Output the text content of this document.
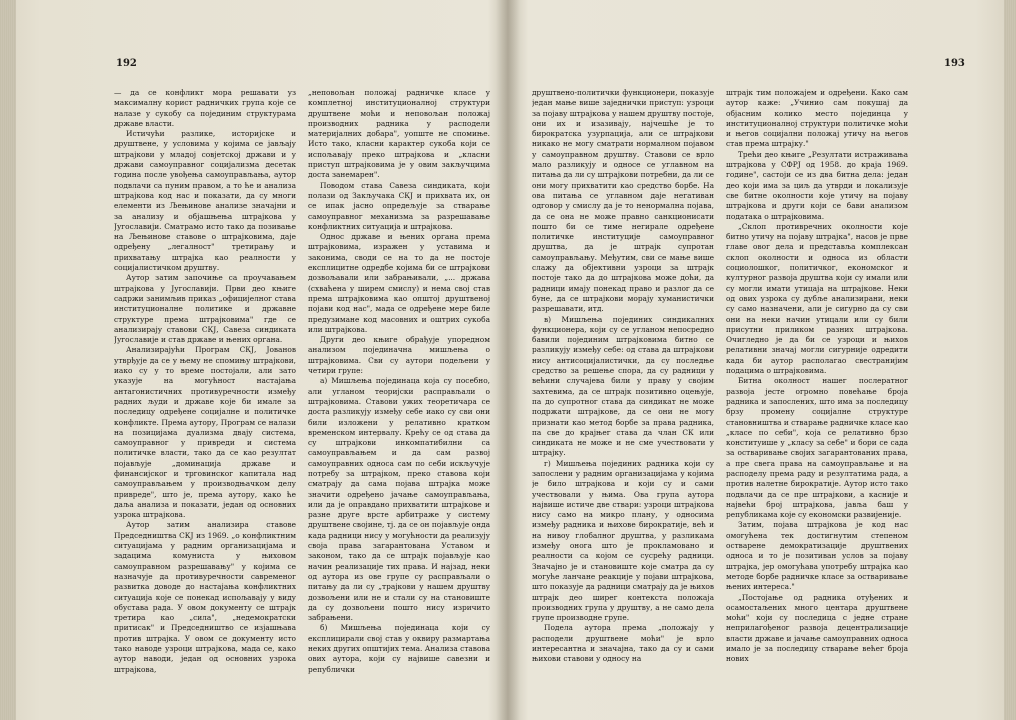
192

— да се конфликт мора решавати уз максималну корист радничких група које се налазе у сукобу са појединим структурама државе власти.

Истичући разлике, историјске и друштвене, у условима у којима се јављају штрајкови у младој совјетској држави и у држави самоуправног социјализма десетак година после увођења самоуправљања, аутор подвлачи са пуним правом, а то ће и анализа штрајкова код нас и показати, да су многи елементи из Љењинове анализе значајни и за анализу и објашњења штрајкова у Југославији. Сматрамо исто тако да позивање на Љењинове ставове о штрајковима, даје одређену „легалност" третирању и прихватању штрајка као реалности у социјалистичком друштву.

Аутор затим започиње са проучавањем штрајкова у Југославији. Први део књиге садржи занимљив приказ „официјелног става институционалне политике и државне структуре према штрајковима" где се анализирају ставови СКЈ, Савеза синдиката Југославије и став државе и њених органа.

Анализирајући Програм СКЈ, Јованов утврђује да се у њему не спомињу штрајкови, иако су у то време постојали, али зато указује на могућност настајања антагонистичних противуречности између радних људи и државе које би имале за последицу одређене социјалне и политичке конфликте. Према аутору, Програм се налази на позицијама дуализма двају система, самоуправног у привреди и система политичке власти, тако да се као резултат појављује „доминација државе и финансијског и трговинског капитала над самоуправљањем у производњачком делу привреде", што је, према аутору, како ће даља анализа и показати, један од основних узрока штрајкова.

Аутор затим анализира ставове Председништва СКЈ из 1969. „о конфликтним ситуацијама у радним организацијама и задацима комуниста у њиховом самоуправном разрешавању" у којима се назначује да противуречности савременог развитка доводе до настајања конфликтних ситуација које се понекад испољавају у виду обустава рада. У овом документу се штрајк третира као „сила", „недемократски притисак" и Председништво се изјашњава против штрајка. У овом се документу исто тако наводе узроци штрајкова, мада се, како аутор наводи, један од основних узрока штрајкова,

„неповољан положај радничке класе у комплетној институционалној структури друштвене моћи и неповољан положај производних радника у расподели материјалних добара", уопште не спомиње. Исто тако, класни карактер сукоба који се испољавају преко штрајкова и „класни приступ штрајковима је у овим закључцима доста занемарен".

Поводом става Савеза синдиката, који полази од Закључака СКЈ и прихвата их, он се ипак јасно опредељује за стварање самоуправног механизма за разрешавање конфликтних ситуација и штрајкова.

Однос државе и њених органа према штрајковима, изражен у уставима и законима, своди се на то да не постоје експлицитне одредбе којима би се штрајкови дозвољавали или забрањивали, „... држава (схваћена у ширем смислу) и нема свој став према штрајковима као општој друштвеној појави код нас", мада се одређене мере биле предузимане код масовних и оштрих сукоба или штрајкова.

Други део књиге обрађује упоредном анализом појединачна мишљења о штрајковима. Сви су аутори подељени у четири групе:

а) Мишљења појединаца која су посебно, али угланом теоријски расправљали о штрајковима. Ставови ужих теоретичара се доста разликују између себе иако су сви они били изложени у релативно кратком временском интервалу. Крећу се од става да су штрајкови инкомпатибилни са самоуправљањем и да сам развој самоуправних односа сам по себи искључује потребу за штрајком, преко ставова који сматрају да сама појава штрајка може значити одређено јачање самоуправљања, или да је оправдано прихватити штрајкове и разне друге врсте арбитраже у систему друштвене својине, тј. да се он појављује онда када радници нису у могућности да реализују своја права загарантована Уставом и законом, тако да се штрајк појављује као начин реализације тих права. И најзад, неки од аутора из ове групе су расправљали о питању да ли су „трајкови у нашем друштву дозвољени или не и стали су на становиште да су дозвољени пошто нису изричито забрањени.

б) Мишљења појединаца који су експлицирали свој став у оквиру размартања неких других општијих тема. Анализа ставова ових аутора, који су највише савезни и републички

193

друштвено-политички функционери, показује један мање више заједнички приступ: узроци за појаву штрајкова у нашем друштву постоје, они их и изазивају, најчешће је то бирократска узурпација, али се штрајкови никако не могу сматрати нормалном појавом у самоуправном друштву. Ставови се врло мало разликују и односе се углавном на питања да ли су штрајкови потребни, да ли се они могу прихватити као средство борбе. На ова питања се углавном даје негативан одговор у смислу да је то ненормална појава, да се она не може правно санкционисати пошто би се тиме негирале одређене политичке институције самоуправног друштва, да је штрајк супротан самоуправљању. Међутим, сви се мање више слажу да објективни узроци за штрајк постоје тако да до штрајкова може доћи, да радници имају понекад право и разлог да се буне, да се штрајкови морају хуманистички разрешавати, итд.

в) Мишљења појединих синдикалних функционера, који су се угланом непосредно бавили појединим штрајковима битно се разликују између себе: од става да штрајкови нису антисоцијалистички, да су последње средство за решење спора, да су радници у већини случајева били у праву у својим захтевима, да се штрајк позитивно оцењује, па до супротног става да синдикат не може подржати штрајкове, да се они не могу признати као метод борбе за права радника, па све до крајњег става да члан СК или синдиката не може и не сме учествовати у штрајку.

г) Мишљења појединих радника који су запослени у радним организацијама у којима је било штрајкова и који су и сами учествовали у њима. Ова група аутора највише истиче две ствари: узроци штрајкова нису само на микро плану, у односима између радника и њихове бирократије, већ и на нивоу глобалног друштва, у разликама између онога што је прокламовано и реалности са којом се сусрећу радници. Значајно је и становиште које сматра да су могуће ланчане реакције у појави штрајкова, што показује да радници сматрају да је њихов штрајк део ширег контекста положаја производних група у друштву, а не само дела групе производне групе.

Подела аутора према „положају у расподели друштвене моћи" је врло интересантна и значајна, тако да су и сами њихови ставови у односу на

штрајк тим положајем и одређени. Како сам аутор каже: „Учинио сам покушај да објасним колико место појединца у институционалној структури политичке моћи и његов социјални положај утичу на његов став према штрајку."

Трећи део књиге „Резултати истраживања штрајкова у СФРЈ од 1958. до краја 1969. године", састоји се из два битна дела: један део који има за циљ да утврди и локализује све битне околности које утичу на појаву штрајкова и други који се бави анализом података о штрајковима.

„Склоп противречних околности које битно утичу на појаву штрајка", насов је прве главе овог дела и представља комплексан склоп околности и односа из области социолошког, политичког, економског и културног развоја друштва који су имали или су могли имати утицаја на штрајкове. Неки од ових узрока су дубље анализирани, неки су само назначени, али је сигурно да су сви они на неки начин утицали или су били присутни приликом разних штрајкова. Очигледно је да би се узроци и њихов релативни значај могли сигурније одредити када би аутор располагао свестранијим подацима о штрајковима.

Битна околност нашег послератног развоја јесте огромно повећање броја радника и запослених, што има за последицу брзу промену социјалне структуре становништва и стварање радничке класе као „класе по себи", која се релативно брзо конституише у „класу за себе" и бори се сада за остваривање својих загарантованих права, а пре свега права на самоуправљање и на расподелу према раду и резултатима рада, а против налетне бирократије. Аутор исто тако подвлачи да се пре штрајкови, а касније и највећи број штрајкова, јавља баш у републикама које су економски развијеније.

Затим, појава штрајкова је код нас омогућена тек достигнутим степеном остварене демократизације друштвених односа и то је позитиван услов за појаву штрајка, јер омогућава употребу штрајка као методе борбе радничке класе за остваривање њених интереса."

„Постојање од радника отуђених и осамостаљених много центара друштвене моћи" који су последица с једне стране неприлагођеног развоја децентрализације власти државе и јачање самоуправних односа имало је за последицу стварање већег броја нових
